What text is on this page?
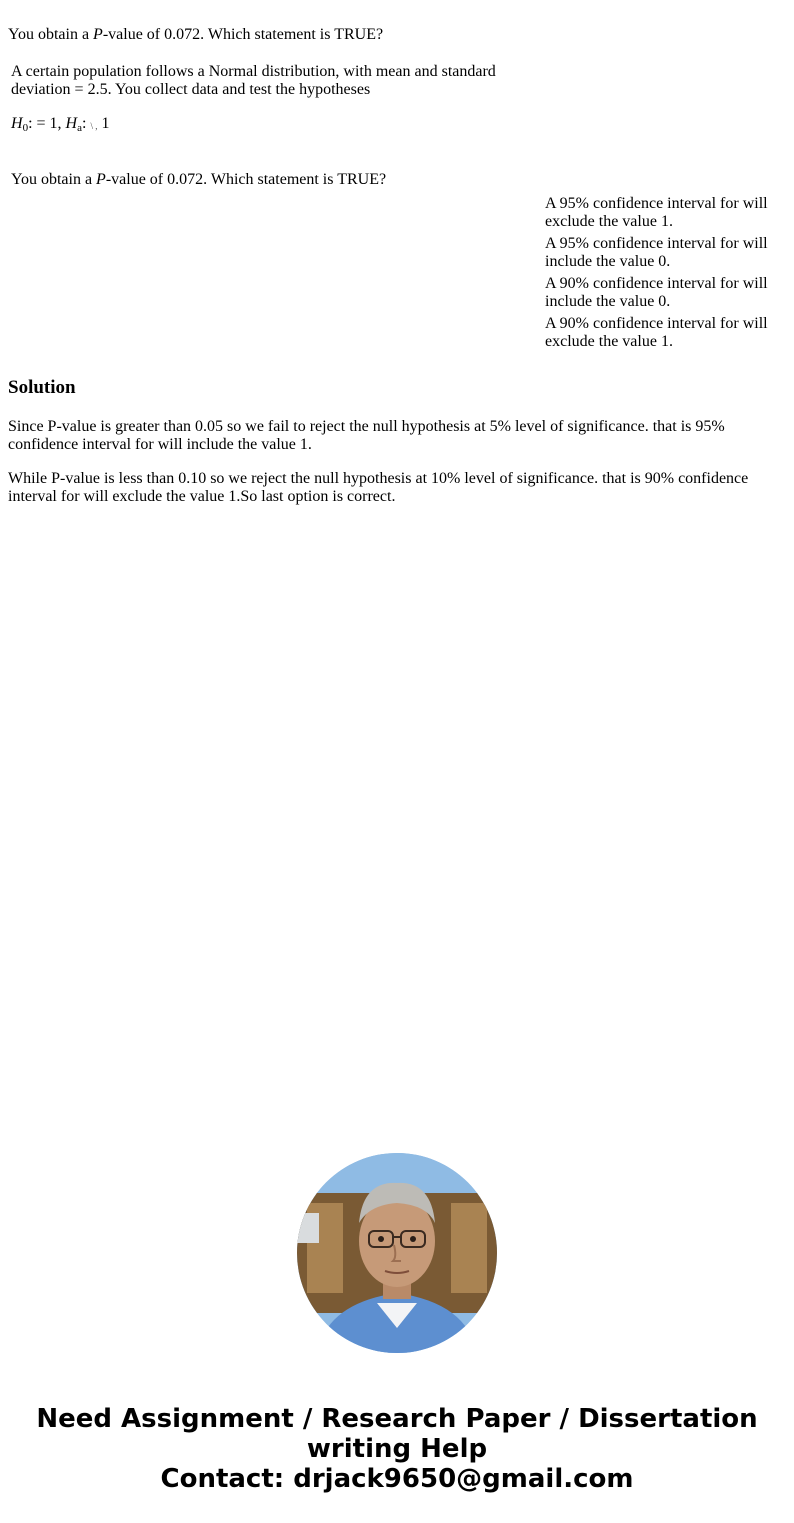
You obtain a P-value of 0.072. Which statement is TRUE?
A certain population follows a Normal distribution, with mean and standard deviation = 2.5. You collect data and test the hypotheses
$H_0$: = 1, $H_a$: \ , 1
You obtain a P-value of 0.072. Which statement is TRUE?
A 95% confidence interval for will exclude the value 1.
A 95% confidence interval for will include the value 0.
A 90% confidence interval for will include the value 0.
A 90% confidence interval for will exclude the value 1.
Solution
Since P-value is greater than 0.05 so we fail to reject the null hypothesis at 5% level of significance. that is 95% confidence interval for will include the value 1.
While P-value is less than 0.10 so we reject the null hypothesis at 10% level of significance. that is 90% confidence interval for will exclude the value 1.So last option is correct.
Need Assignment / Research Paper / Dissertation writing Help
Contact: drjack9650@gmail.com
